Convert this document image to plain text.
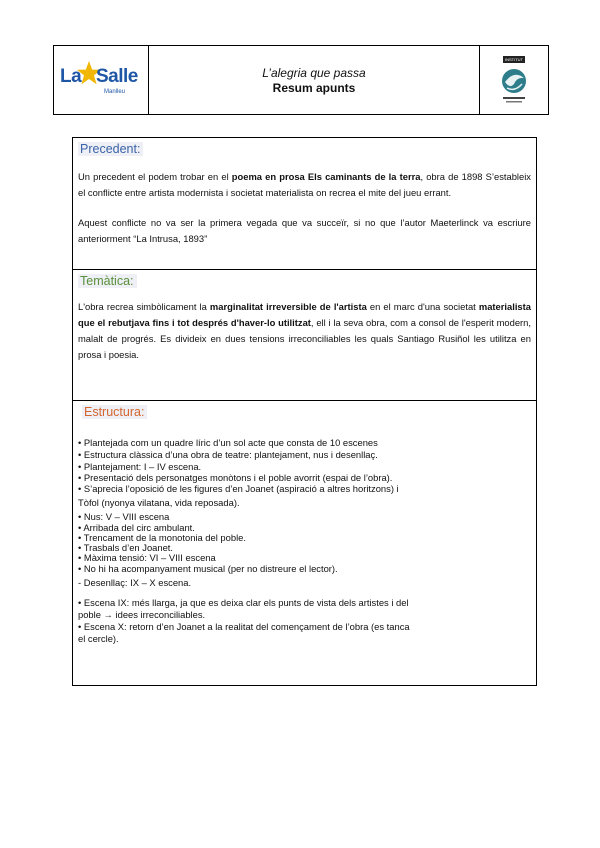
La Salle
Manlleu
L’alegria que passa
Resum apunts
INSTITUT
Precedent:

Un precedent el podem trobar en el poema en prosa Els caminants de la terra, obra de 1898 S’estableix el conflicte entre artista modernista i societat materialista on recrea el mite del jueu errant.

Aquest conflicte no va ser la primera vegada que va succeïr, si no que l’autor Maeterlinck va escriure anteriorment “La Intrusa, 1893”

Temàtica:

L'obra recrea simbòlicament la marginalitat irreversible de l'artista en el marc d'una societat materialista que el rebutjava fins i tot després d'haver-lo utilitzat, ell i la seva obra, com a consol de l'esperit modern, malalt de progrés. Es divideix en dues tensions irreconciliables les quals Santiago Rusiñol les utilitza en prosa i poesia.

Estructura:
• Plantejada com un quadre líric d’un sol acte que consta de 10 escenes
• Estructura clàssica d’una obra de teatre: plantejament, nus i desenllaç.
• Plantejament: I – IV escena.
• Presentació dels personatges monòtons i el poble avorrit (espai de l’obra).
• S’aprecia l’oposició de les figures d’en Joanet (aspiració a altres horitzons) i
Tòfol (nyonya vilatana, vida reposada).
• Nus: V – VIII escena
• Arribada del circ ambulant.
• Trencament de la monotonia del poble.
• Trasbals d’en Joanet.
• Màxima tensió: VI – VIII escena
• No hi ha acompanyament musical (per no distreure el lector).
- Desenllaç: IX – X escena.
• Escena IX: més llarga, ja que es deixa clar els punts de vista dels artistes i del
poble → idees irreconciliables.
• Escena X: retorn d’en Joanet a la realitat del començament de l’obra (es tanca
el cercle).
